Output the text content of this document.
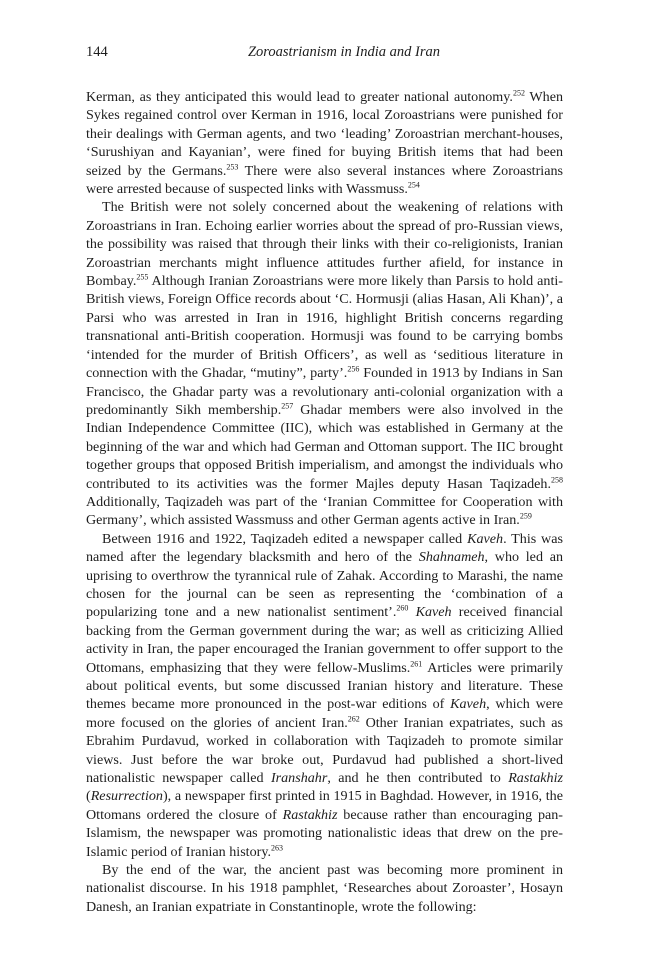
144	Zoroastrianism in India and Iran

Kerman, as they anticipated this would lead to greater national autonomy.$^{252}$ When Sykes regained control over Kerman in 1916, local Zoroastrians were punished for their dealings with German agents, and two ‘leading’ Zoroastrian merchant-houses, ‘Surushiyan and Kayanian’, were fined for buying British items that had been seized by the Germans.$^{253}$ There were also several instances where Zoroastrians were arrested because of suspected links with Wassmuss.$^{254}$

The British were not solely concerned about the weakening of relations with Zoroastrians in Iran. Echoing earlier worries about the spread of pro-Russian views, the possibility was raised that through their links with their co-religionists, Iranian Zoroastrian merchants might influence attitudes further afield, for instance in Bombay.$^{255}$ Although Iranian Zoroastrians were more likely than Parsis to hold anti-British views, Foreign Office records about ‘C. Hormusji (alias Hasan, Ali Khan)’, a Parsi who was arrested in Iran in 1916, highlight British concerns regarding transnational anti-British cooperation. Hormusji was found to be carrying bombs ‘intended for the murder of British Officers’, as well as ‘seditious literature in connection with the Ghadar, “mutiny”, party’.$^{256}$ Founded in 1913 by Indians in San Francisco, the Ghadar party was a revolutionary anti-colonial organization with a predominantly Sikh membership.$^{257}$ Ghadar members were also involved in the Indian Independence Committee (IIC), which was established in Germany at the beginning of the war and which had German and Ottoman support. The IIC brought together groups that opposed British imperialism, and amongst the individuals who contributed to its activities was the former Majles deputy Hasan Taqizadeh.$^{258}$ Additionally, Taqizadeh was part of the ‘Iranian Committee for Cooperation with Germany’, which assisted Wassmuss and other German agents active in Iran.$^{259}$

Between 1916 and 1922, Taqizadeh edited a newspaper called Kaveh. This was named after the legendary blacksmith and hero of the Shahnameh, who led an uprising to overthrow the tyrannical rule of Zahak. According to Marashi, the name chosen for the journal can be seen as representing the ‘combination of a popularizing tone and a new nationalist sentiment’.$^{260}$ Kaveh received financial backing from the German government during the war; as well as criticizing Allied activity in Iran, the paper encouraged the Iranian government to offer support to the Ottomans, emphasizing that they were fellow-Muslims.$^{261}$ Articles were primarily about political events, but some discussed Iranian history and literature. These themes became more pronounced in the post-war editions of Kaveh, which were more focused on the glories of ancient Iran.$^{262}$ Other Iranian expatriates, such as Ebrahim Purdavud, worked in collaboration with Taqizadeh to promote similar views. Just before the war broke out, Purdavud had published a short-lived nationalistic newspaper called Iranshahr, and he then contributed to Rastakhiz (Resurrection), a newspaper first printed in 1915 in Baghdad. However, in 1916, the Ottomans ordered the closure of Rastakhiz because rather than encouraging pan-Islamism, the newspaper was promoting nationalistic ideas that drew on the pre-Islamic period of Iranian history.$^{263}$

By the end of the war, the ancient past was becoming more prominent in nationalist discourse. In his 1918 pamphlet, ‘Researches about Zoroaster’, Hosayn Danesh, an Iranian expatriate in Constantinople, wrote the following:
